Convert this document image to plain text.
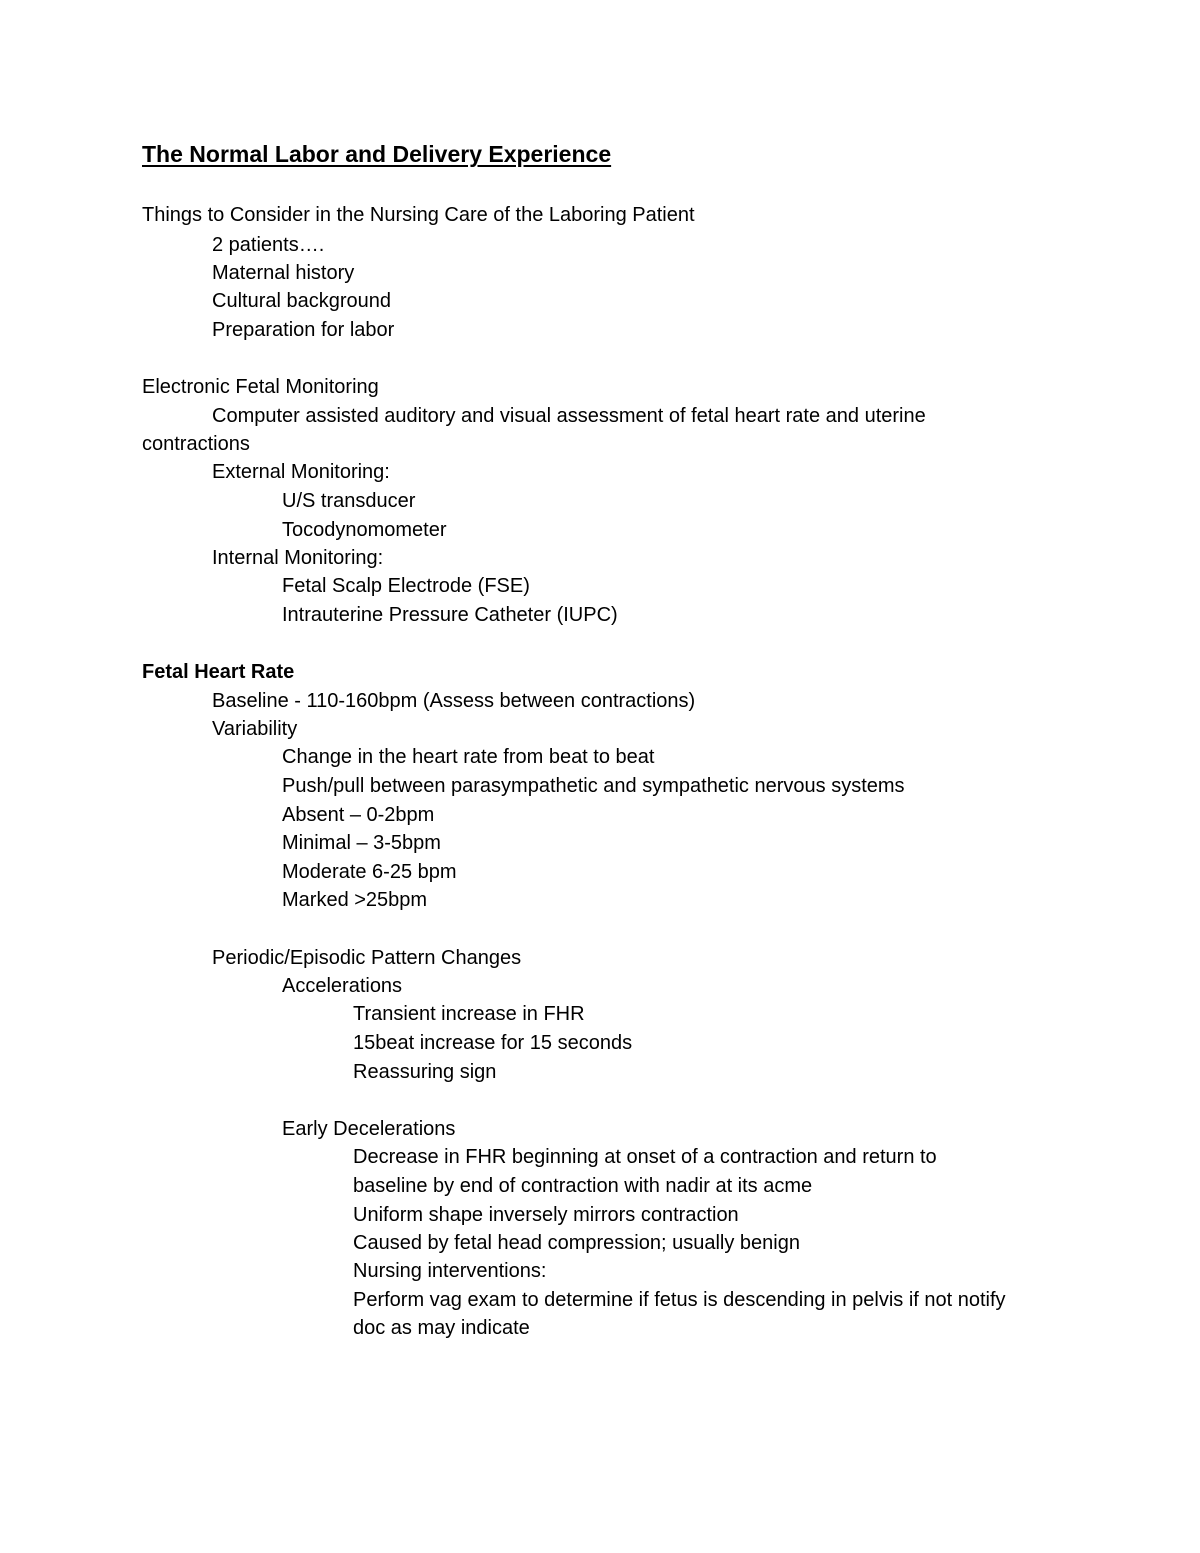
The Normal Labor and Delivery Experience
Things to Consider in the Nursing Care of the Laboring Patient
2 patients….
Maternal history
Cultural background
Preparation for labor
Electronic Fetal Monitoring
Computer assisted auditory and visual assessment of fetal heart rate and uterine
contractions
External Monitoring:
U/S transducer
Tocodynomometer
Internal Monitoring:
Fetal Scalp Electrode (FSE)
Intrauterine Pressure Catheter (IUPC)
Fetal Heart Rate
Baseline - 110-160bpm (Assess between contractions)
Variability
Change in the heart rate from beat to beat
Push/pull between parasympathetic and sympathetic nervous systems
Absent – 0-2bpm
Minimal – 3-5bpm
Moderate 6-25 bpm
Marked >25bpm
Periodic/Episodic Pattern Changes
Accelerations
Transient increase in FHR
15beat increase for 15 seconds
Reassuring sign
Early Decelerations
Decrease in FHR beginning at onset of a contraction and return to
baseline by end of contraction with nadir at its acme
Uniform shape inversely mirrors contraction
Caused by fetal head compression; usually benign
Nursing interventions:
Perform vag exam to determine if fetus is descending in pelvis if not notify
doc as may indicate
